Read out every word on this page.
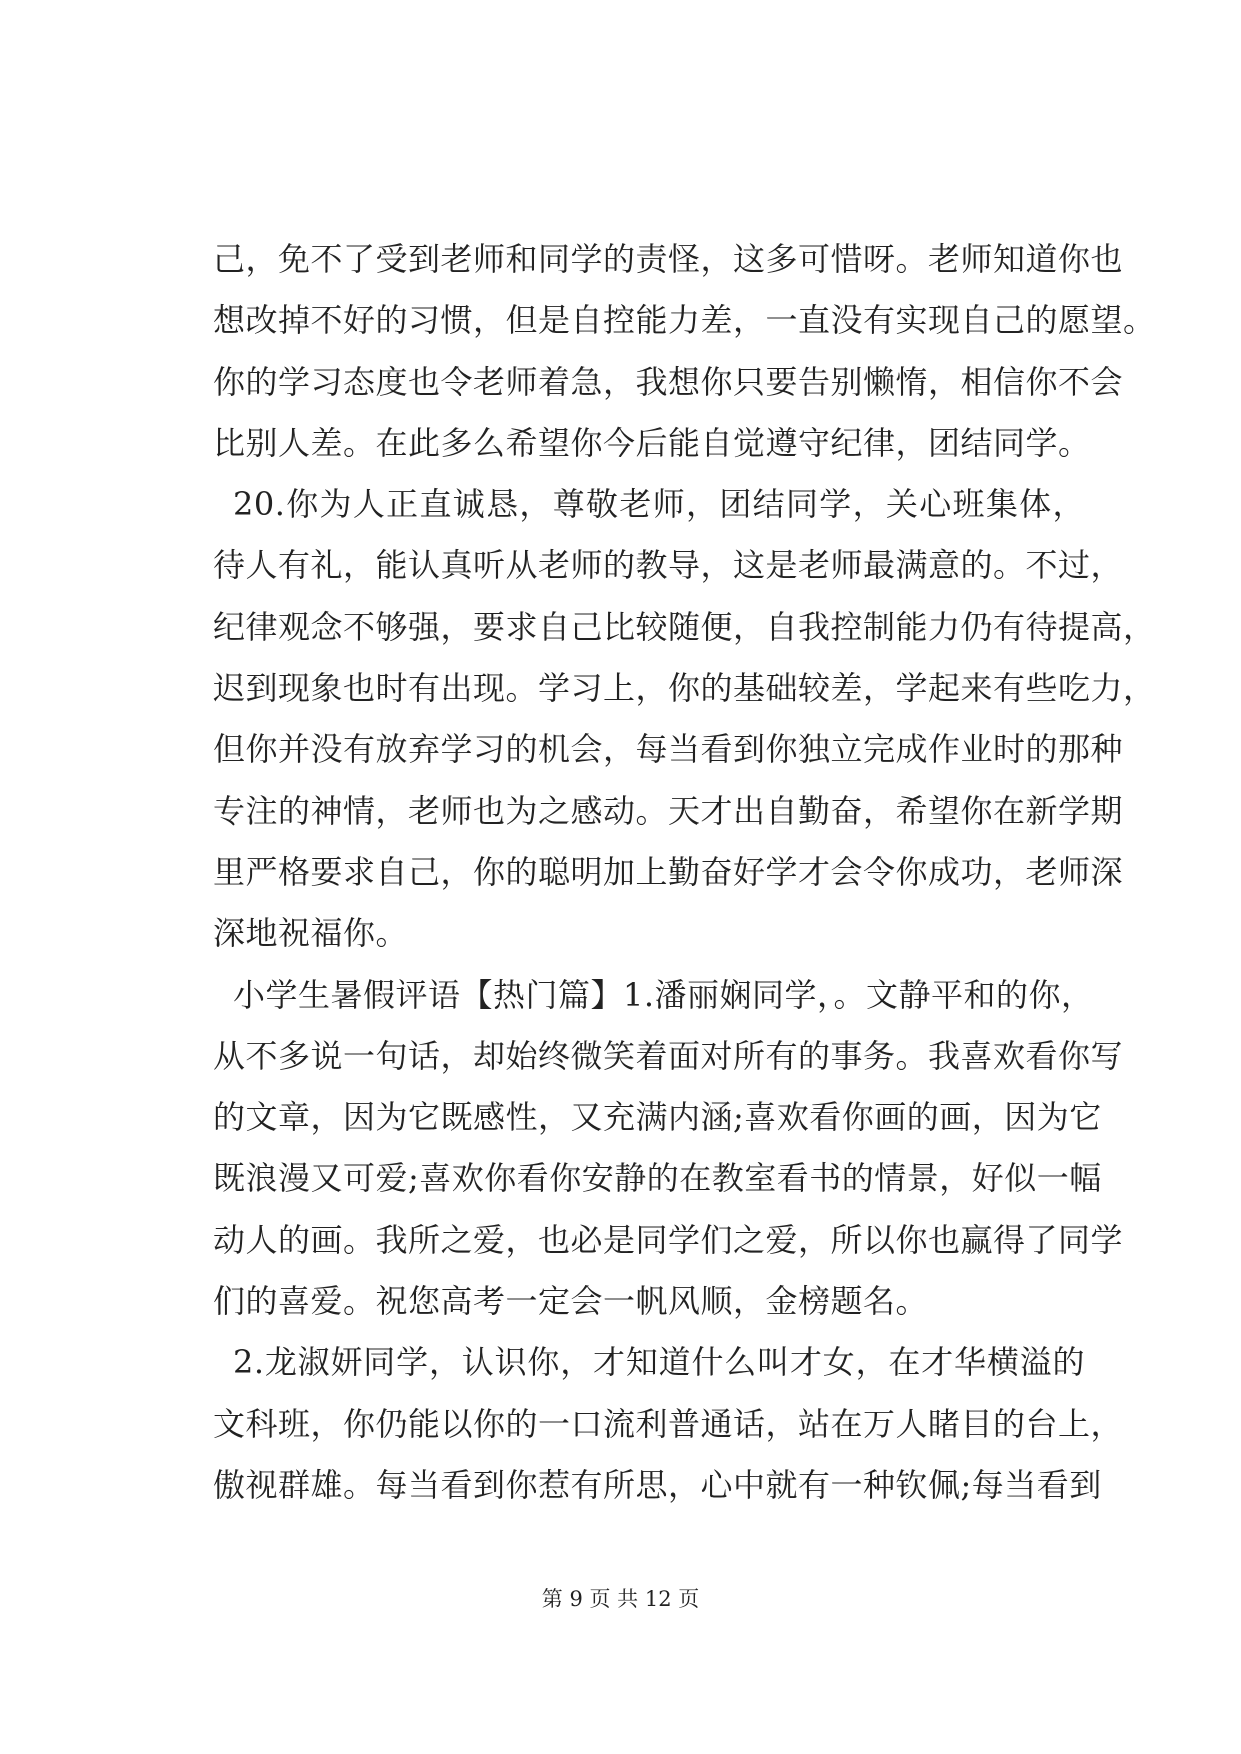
己，免不了受到老师和同学的责怪，这多可惜呀。老师知道你也
想改掉不好的习惯，但是自控能力差，一直没有实现自己的愿望。
你的学习态度也令老师着急，我想你只要告别懒惰，相信你不会
比别人差。在此多么希望你今后能自觉遵守纪律，团结同学。
20.你为人正直诚恳，尊敬老师，团结同学，关心班集体，
待人有礼，能认真听从老师的教导，这是老师最满意的。不过，
纪律观念不够强，要求自己比较随便，自我控制能力仍有待提高，
迟到现象也时有出现。学习上，你的基础较差，学起来有些吃力，
但你并没有放弃学习的机会，每当看到你独立完成作业时的那种
专注的神情，老师也为之感动。天才出自勤奋，希望你在新学期
里严格要求自己，你的聪明加上勤奋好学才会令你成功，老师深
深地祝福你。
小学生暑假评语【热门篇】1.潘丽娴同学，。文静平和的你，
从不多说一句话，却始终微笑着面对所有的事务。我喜欢看你写
的文章，因为它既感性，又充满内涵;喜欢看你画的画，因为它
既浪漫又可爱;喜欢你看你安静的在教室看书的情景，好似一幅
动人的画。我所之爱，也必是同学们之爱，所以你也赢得了同学
们的喜爱。祝您高考一定会一帆风顺，金榜题名。
2.龙淑妍同学，认识你，才知道什么叫才女，在才华横溢的
文科班，你仍能以你的一口流利普通话，站在万人睹目的台上，
傲视群雄。每当看到你惹有所思，心中就有一种钦佩;每当看到
第 9 页 共 12 页
